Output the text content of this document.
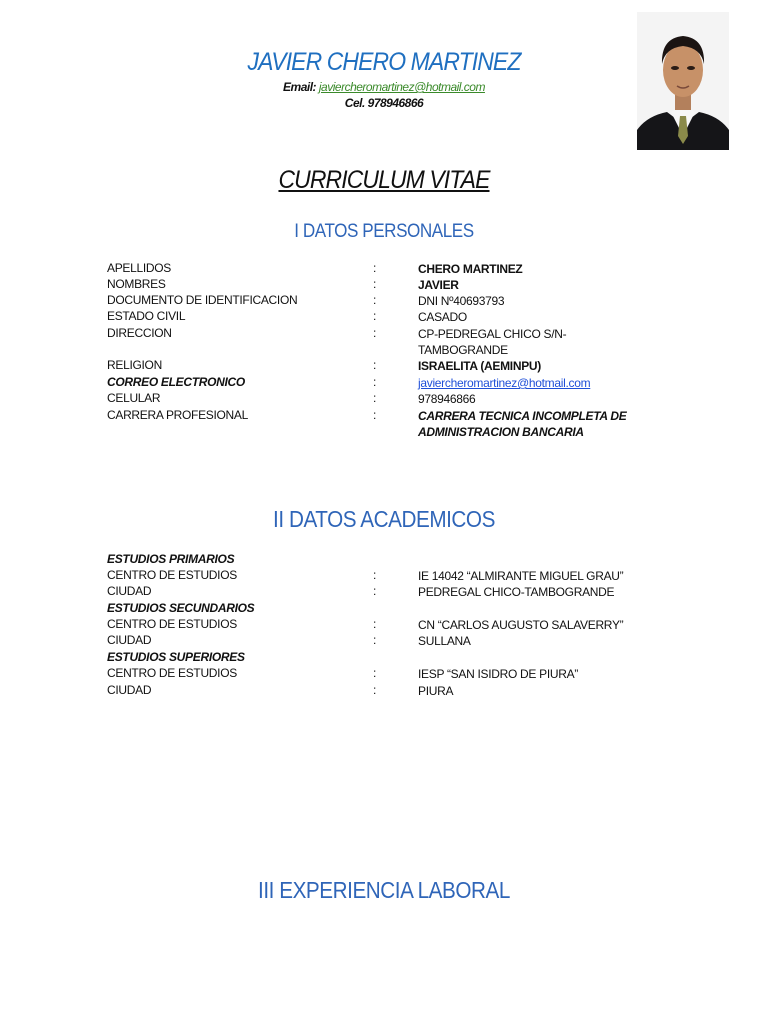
JAVIER CHERO MARTINEZ
Email: javiercheromartinez@hotmail.com
Cel. 978946866
CURRICULUM VITAE
I DATOS PERSONALES
APELLIDOS	:	CHERO MARTINEZ
NOMBRES	:	JAVIER
DOCUMENTO DE IDENTIFICACION	:	DNI Nº40693793
ESTADO CIVIL	:	CASADO
DIRECCION	:	CP-PEDREGAL CHICO S/N-TAMBOGRANDE
RELIGION	:	ISRAELITA (AEMINPU)
CORREO ELECTRONICO	:	javiercheromartinez@hotmail.com
CELULAR	:	978946866
CARRERA PROFESIONAL	:	CARRERA TECNICA INCOMPLETA DE ADMINISTRACION BANCARIA
II DATOS ACADEMICOS
ESTUDIOS PRIMARIOS
CENTRO DE ESTUDIOS	:	IE 14042 “ALMIRANTE MIGUEL GRAU”
CIUDAD	:	PEDREGAL CHICO-TAMBOGRANDE
ESTUDIOS SECUNDARIOS
CENTRO DE ESTUDIOS	:	CN “CARLOS AUGUSTO SALAVERRY”
CIUDAD	:	SULLANA
ESTUDIOS SUPERIORES
CENTRO DE ESTUDIOS	:	IESP “SAN ISIDRO DE PIURA”
CIUDAD	:	PIURA
III EXPERIENCIA LABORAL
